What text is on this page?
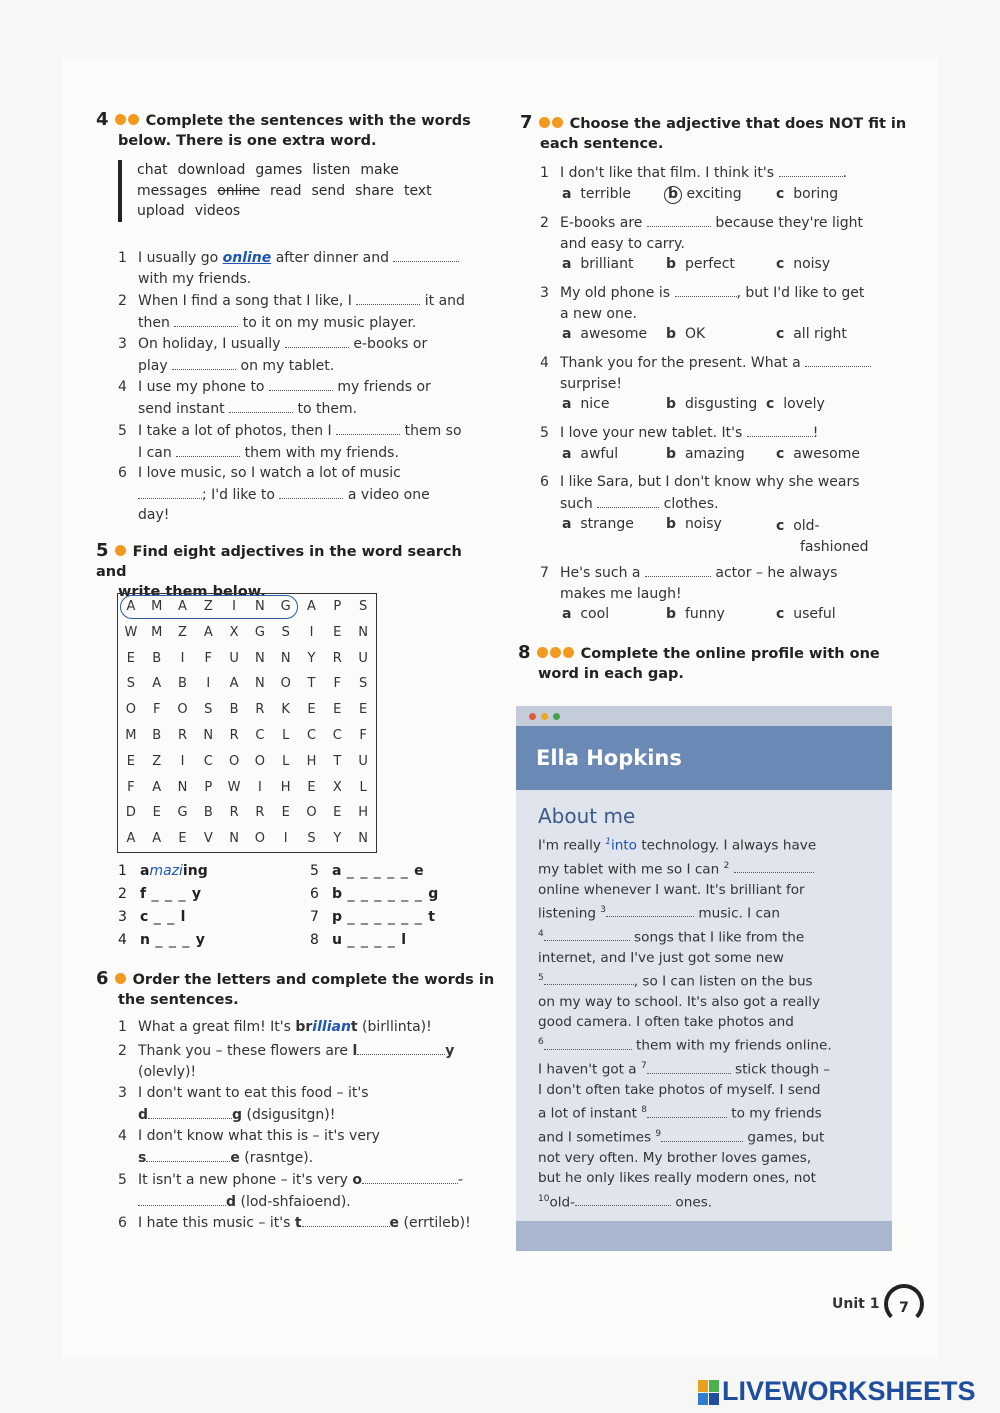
4	Complete the sentences with the words
below. There is one extra word.
chat download games listen make
messages online read send share text
upload videos
1 I usually go online after dinner and
with my friends.
2 When I find a song that I like, I	it and
then	to it on my music player.
3 On holiday, I usually	e-books or
play	on my tablet.
4 I use my phone to	my friends or
send instant	to them.
5 I take a lot of photos, then I	them so
I can	them with my friends.
6 I love music, so I watch a lot of music
; I'd like to	a video one
day!
5 Find eight adjectives in the word search and
write them below.
A	M	A	Z	I	N	G	A	P	S
W	M	Z	A	X	G	S	I	E	N
E	B	I	F	U	N	N	Y	R	U
S	A	B	I	A	N	O	T	F	S
O	F	O	S	B	R	K	E	E	E
M	B	R	N	R	C	L	C	C	F
E	Z	I	C	O	O	L	H	T	U
F	A	N	P	W	I	H	E	X	L
D	E	G	B	R	R	E	O	E	H
A	A	E	V	N	O	I	S	Y	N
1 amaziing
2 f _ _ _ y
3 c _ _ l
4 n _ _ _ y
5 a _ _ _ _ _ e
6 b _ _ _ _ _ _ g
7 p _ _ _ _ _ _ t
8 u _ _ _ _ l
6 Order the letters and complete the words in
the sentences.
1 What a great film! It's brilliant (birllinta)!
2 Thank you – these flowers are l	y
(olevly)!
3 I don't want to eat this food – it's
d	g (dsigusitgn)!
4 I don't know what this is – it's very
s	e (rasntge).
5 It isn't a new phone – it's very o	-
d (lod-shfaioend).
6 I hate this music – it's t	e (errtileb)!
7	Choose the adjective that does NOT fit in
each sentence.
1 I don't like that film. I think it's	.
a terrible	b exciting c boring
2 E-books are	because they're light
and easy to carry.
a brilliant b perfect	c noisy
3 My old phone is	, but I'd like to get
a new one.
a awesome b OK	c all right
4 Thank you for the present. What a
surprise!
a nice	b disgusting c lovely
5 I love your new tablet. It's	!
a awful	b amazing c awesome
6 I like Sara, but I don't know why she wears
such	clothes.
a strange b noisy	c old-
fashioned
7 He's such a	actor – he always
makes me laugh!
a cool	b funny	c useful
8	Complete the online profile with one
word in each gap.
Ella Hopkins
About me
I'm really $^1$into technology. I always have
my tablet with me so I can $^2$
online whenever I want. It's brilliant for
listening $^3$	music. I can
$^4$	songs that I like from the
internet, and I've just got some new
$^5$	, so I can listen on the bus
on my way to school. It's also got a really
good camera. I often take photos and
$^6$	them with my friends online.
I haven't got a $^7$	stick though –
I don't often take photos of myself. I send
a lot of instant $^8$	to my friends
and I sometimes $^9$	games, but
not very often. My brother loves games,
but he only likes really modern ones, not
$^{10}$old-	ones.
Unit 1	7
LIVEWORKSHEETS
